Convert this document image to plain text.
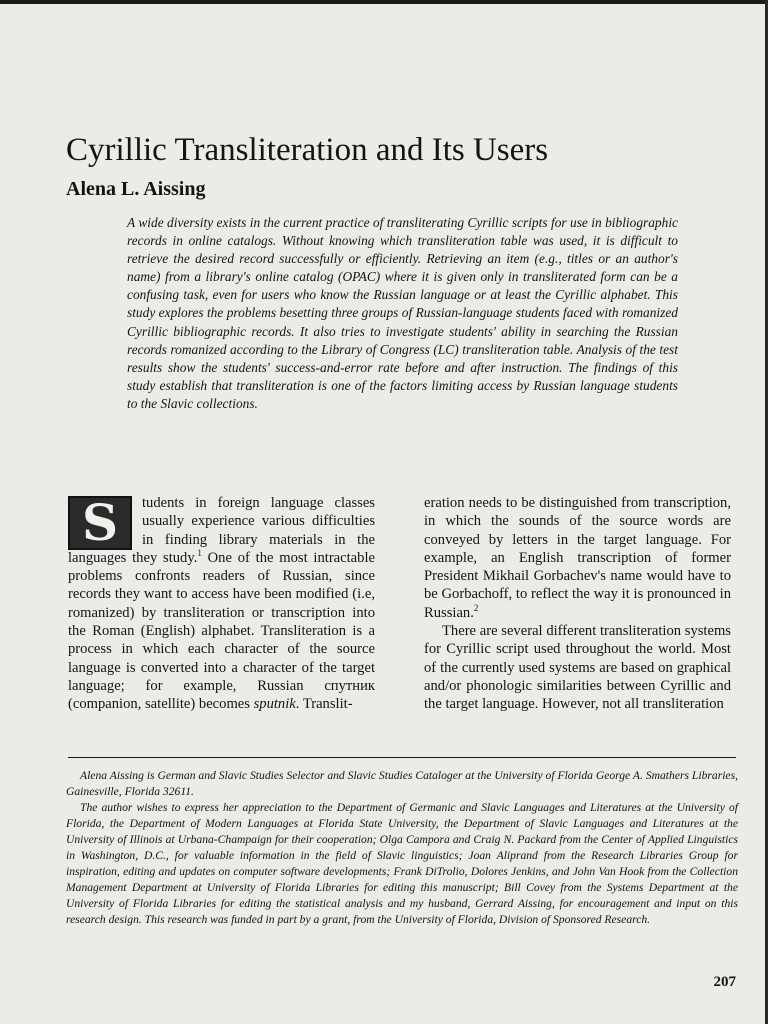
Cyrillic Transliteration and Its Users
Alena L. Aissing

A wide diversity exists in the current practice of transliterating Cyrillic scripts for use in bibliographic records in online catalogs. Without knowing which transliteration table was used, it is difficult to retrieve the desired record successfully or efficiently. Retrieving an item (e.g., titles or an author's name) from a library's online catalog (OPAC) where it is given only in transliterated form can be a confusing task, even for users who know the Russian language or at least the Cyrillic alphabet. This study explores the problems besetting three groups of Russian-language students faced with romanized Cyrillic bibliographic records. It also tries to investigate students' ability in searching the Russian records romanized according to the Library of Congress (LC) transliteration table. Analysis of the test results show the students' success-and-error rate before and after instruction. The findings of this study establish that transliteration is one of the factors limiting access by Russian language students to the Slavic collections.

S tudents in foreign language classes usually experience various difficulties in finding library materials in the languages they study.$^1$ One of the most intractable problems confronts readers of Russian, since records they want to access have been modified (i.e, romanized) by transliteration or transcription into the Roman (English) alphabet. Transliteration is a process in which each character of the source language is converted into a character of the target language; for example, Russian спутник (companion, satellite) becomes sputnik. Translit-

eration needs to be distinguished from transcription, in which the sounds of the source words are conveyed by letters in the target language. For example, an English transcription of former President Mikhail Gorbachev's name would have to be Gorbachoff, to reflect the way it is pronounced in Russian.$^2$

There are several different transliteration systems for Cyrillic script used throughout the world. Most of the currently used systems are based on graphical and/or phonologic similarities between Cyrillic and the target language. However, not all transliteration

Alena Aissing is German and Slavic Studies Selector and Slavic Studies Cataloger at the University of Florida George A. Smathers Libraries, Gainesville, Florida 32611.

The author wishes to express her appreciation to the Department of Germanic and Slavic Languages and Literatures at the University of Florida, the Department of Modern Languages at Florida State University, the Department of Slavic Languages and Literatures at the University of Illinois at Urbana-Champaign for their cooperation; Olga Campora and Craig N. Packard from the Center of Applied Linguistics in Washington, D.C., for valuable information in the field of Slavic linguistics; Joan Aliprand from the Research Libraries Group for inspiration, editing and updates on computer software developments; Frank DiTrolio, Dolores Jenkins, and John Van Hook from the Collection Management Department at University of Florida Libraries for editing this manuscript; Bill Covey from the Systems Department at the University of Florida Libraries for editing the statistical analysis and my husband, Gerrard Aissing, for encouragement and input on this research design. This research was funded in part by a grant, from the University of Florida, Division of Sponsored Research.

207
